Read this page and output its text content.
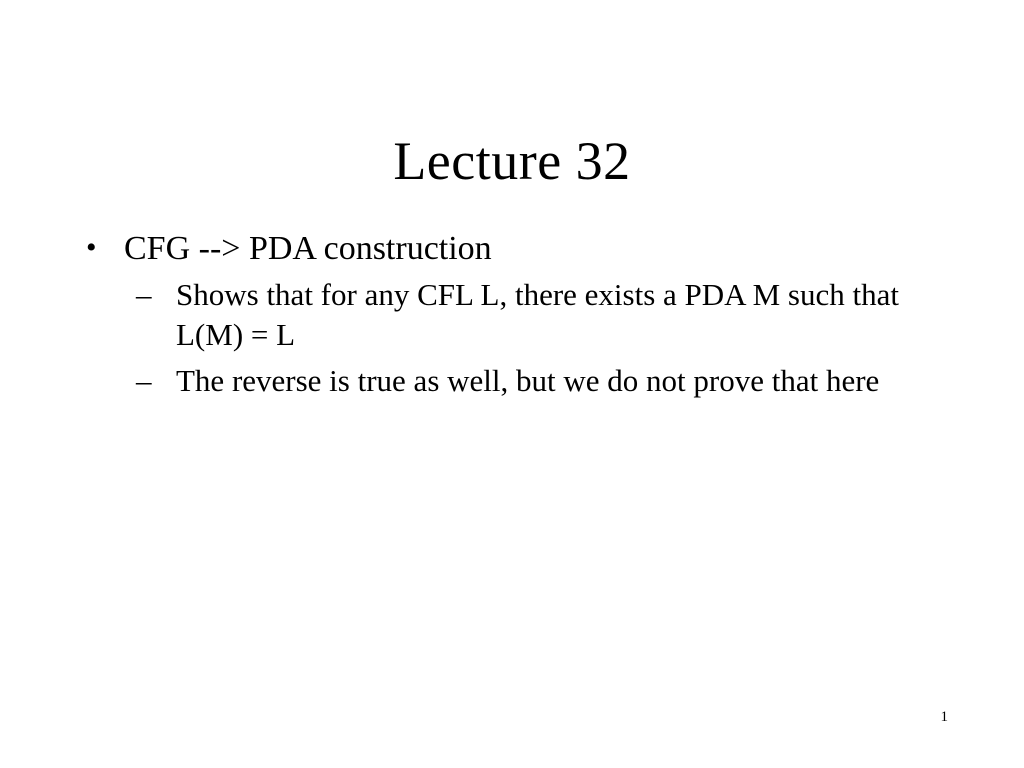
Lecture 32
• CFG --> PDA construction
– Shows that for any CFL L, there exists a PDA M such that L(M) = L
– The reverse is true as well, but we do not prove that here
1
